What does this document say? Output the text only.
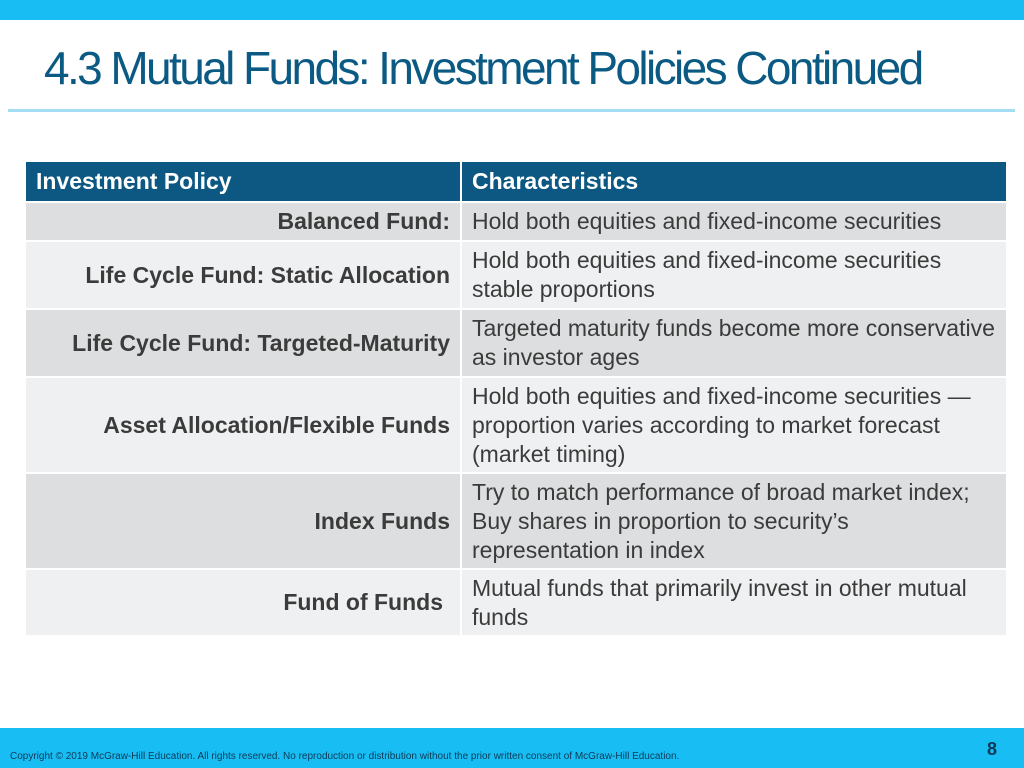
4.3 Mutual Funds: Investment Policies Continued
Investment Policy	Characteristics
Balanced Fund:	Hold both equities and fixed-income securities
Life Cycle Fund: Static Allocation	Hold both equities and fixed-income securities stable proportions
Life Cycle Fund: Targeted-Maturity	Targeted maturity funds become more conservative as investor ages
Asset Allocation/Flexible Funds	Hold both equities and fixed-income securities —proportion varies according to market forecast (market timing)
Index Funds	Try to match performance of broad market index; Buy shares in proportion to security’s representation in index
Fund of Funds	Mutual funds that primarily invest in other mutual funds
Copyright © 2019 McGraw-Hill Education. All rights reserved. No reproduction or distribution without the prior written consent of McGraw-Hill Education.	8
